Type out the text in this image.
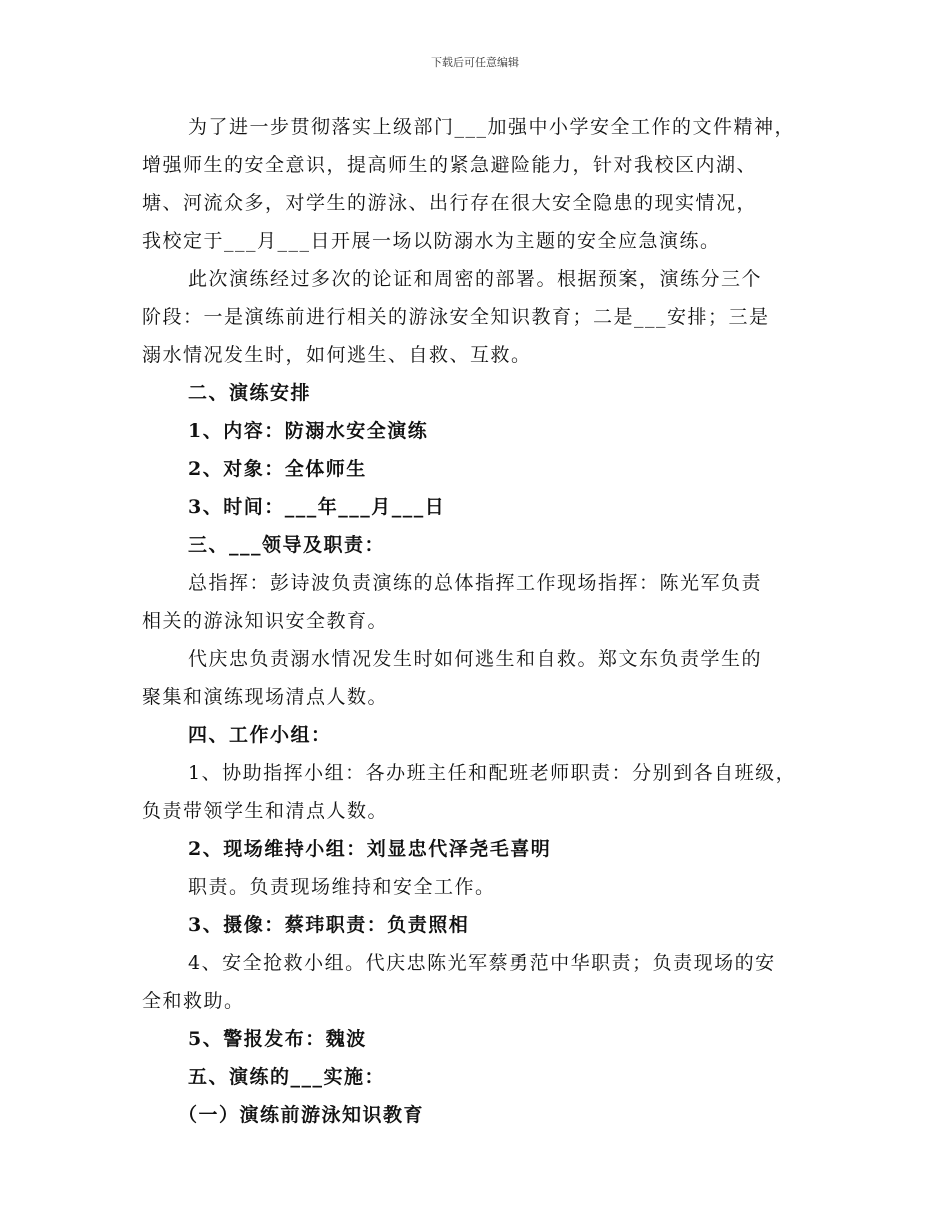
下载后可任意编辑

为了进一步贯彻落实上级部门___加强中小学安全工作的文件精神，

增强师生的安全意识，提高师生的紧急避险能力，针对我校区内湖、

塘、河流众多，对学生的游泳、出行存在很大安全隐患的现实情况，

我校定于___月___日开展一场以防溺水为主题的安全应急演练。

此次演练经过多次的论证和周密的部署。根据预案，演练分三个

阶段：一是演练前进行相关的游泳安全知识教育；二是___安排；三是

溺水情况发生时，如何逃生、自救、互救。

二、演练安排

1、内容：防溺水安全演练

2、对象：全体师生

3、时间：___年___月___日

三、___领导及职责：

总指挥：彭诗波负责演练的总体指挥工作现场指挥：陈光军负责

相关的游泳知识安全教育。

代庆忠负责溺水情况发生时如何逃生和自救。郑文东负责学生的

聚集和演练现场清点人数。

四、工作小组：

1、协助指挥小组：各办班主任和配班老师职责：分别到各自班级，

负责带领学生和清点人数。

2、现场维持小组：刘显忠代泽尧毛喜明

职责。负责现场维持和安全工作。

3、摄像：蔡玮职责：负责照相

4、安全抢救小组。代庆忠陈光军蔡勇范中华职责；负责现场的安

全和救助。

5、警报发布：魏波

五、演练的___实施：

（一）演练前游泳知识教育
